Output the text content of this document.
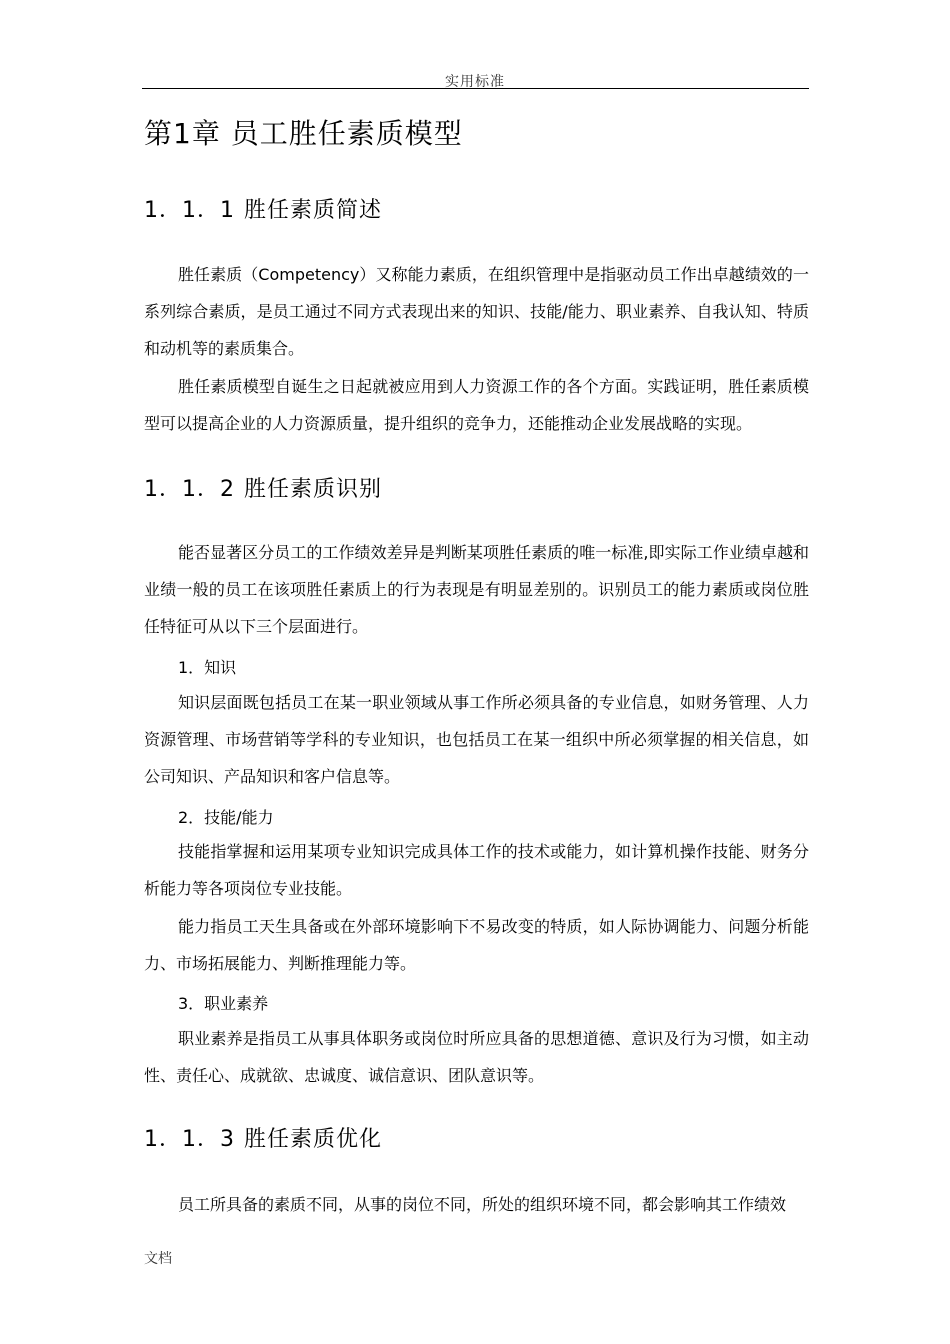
实用标准
第1章 员工胜任素质模型
1．1．1 胜任素质简述

胜任素质（Competency）又称能力素质，在组织管理中是指驱动员工作出卓越绩效的一系列综合素质，是员工通过不同方式表现出来的知识、技能/能力、职业素养、自我认知、特质和动机等的素质集合。

胜任素质模型自诞生之日起就被应用到人力资源工作的各个方面。实践证明，胜任素质模型可以提高企业的人力资源质量，提升组织的竞争力，还能推动企业发展战略的实现。

1．1．2 胜任素质识别

能否显著区分员工的工作绩效差异是判断某项胜任素质的唯一标准,即实际工作业绩卓越和业绩一般的员工在该项胜任素质上的行为表现是有明显差别的。识别员工的能力素质或岗位胜任特征可从以下三个层面进行。

1．知识

知识层面既包括员工在某一职业领域从事工作所必须具备的专业信息，如财务管理、人力资源管理、市场营销等学科的专业知识，也包括员工在某一组织中所必须掌握的相关信息，如公司知识、产品知识和客户信息等。

2．技能/能力

技能指掌握和运用某项专业知识完成具体工作的技术或能力，如计算机操作技能、财务分析能力等各项岗位专业技能。

能力指员工天生具备或在外部环境影响下不易改变的特质，如人际协调能力、问题分析能力、市场拓展能力、判断推理能力等。

3．职业素养

职业素养是指员工从事具体职务或岗位时所应具备的思想道德、意识及行为习惯，如主动性、责任心、成就欲、忠诚度、诚信意识、团队意识等。

1．1．3 胜任素质优化

员工所具备的素质不同，从事的岗位不同，所处的组织环境不同，都会影响其工作绩效

文档
